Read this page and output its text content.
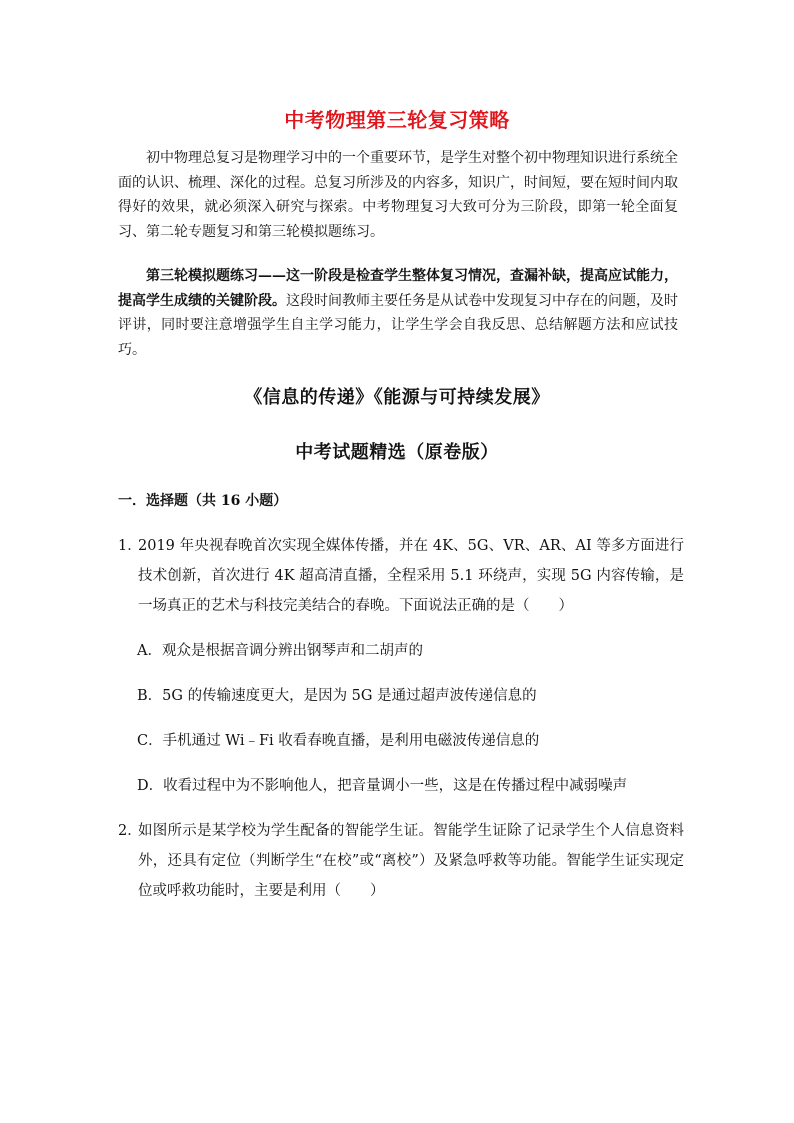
中考物理第三轮复习策略

初中物理总复习是物理学习中的一个重要环节，是学生对整个初中物理知识进行系统全面的认识、梳理、深化的过程。总复习所涉及的内容多，知识广，时间短，要在短时间内取得好的效果，就必须深入研究与探索。中考物理复习大致可分为三阶段，即第一轮全面复习、第二轮专题复习和第三轮模拟题练习。

第三轮模拟题练习——这一阶段是检查学生整体复习情况，查漏补缺，提高应试能力，提高学生成绩的关键阶段。这段时间教师主要任务是从试卷中发现复习中存在的问题，及时评讲，同时要注意增强学生自主学习能力，让学生学会自我反思、总结解题方法和应试技巧。

《信息的传递》《能源与可持续发展》
中考试题精选（原卷版）
一．选择题（共 16 小题）
1．
2019 年央视春晚首次实现全媒体传播，并在 4K、5G、VR、AR、AI 等多方面进行技术创新，首次进行 4K 超高清直播，全程采用 5.1 环绕声，实现 5G 内容传输，是一场真正的艺术与科技完美结合的春晚。下面说法正确的是（　　）
A．观众是根据音调分辨出钢琴声和二胡声的
B．5G 的传输速度更大，是因为 5G 是通过超声波传递信息的
C．手机通过 Wi﹣Fi 收看春晚直播，是利用电磁波传递信息的
D．收看过程中为不影响他人，把音量调小一些，这是在传播过程中减弱噪声
2．
如图所示是某学校为学生配备的智能学生证。智能学生证除了记录学生个人信息资料外，还具有定位（判断学生“在校”或“离校”）及紧急呼救等功能。智能学生证实现定位或呼救功能时，主要是利用（　　）
